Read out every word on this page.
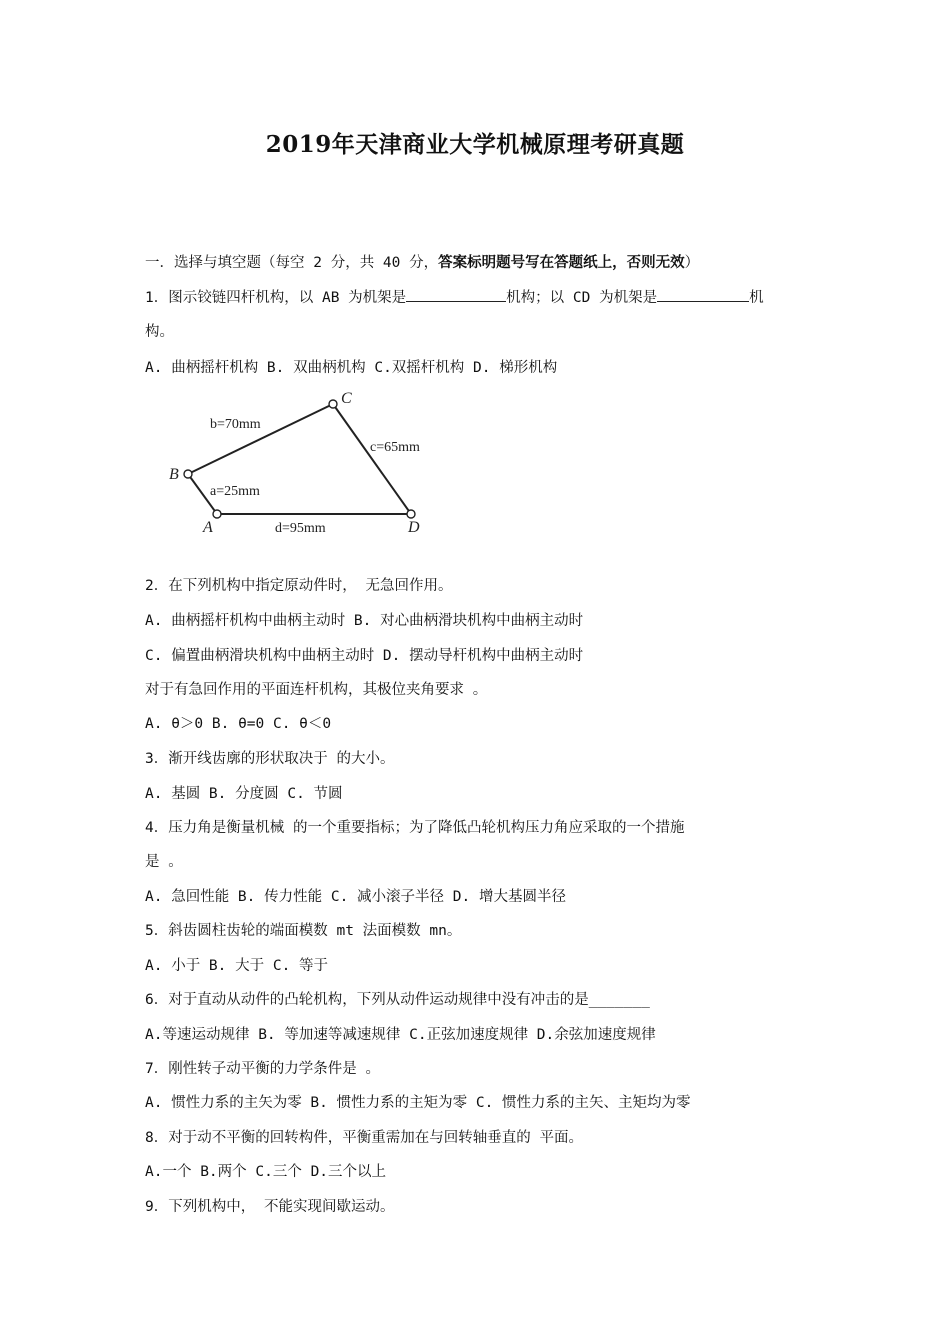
2019年天津商业大学机械原理考研真题
一．选择与填空题（每空 2 分，共 40 分，答案标明题号写在答题纸上，否则无效）
1．图示铰链四杆机构，以 AB 为机架是	机构；以 CD 为机架是	机
构。
A. 曲柄摇杆机构 B. 双曲柄机构 C.双摇杆机构 D. 梯形机构
A
B
C
D
a=25mm
b=70mm
c=65mm
d=95mm
2．在下列机构中指定原动件时， 无急回作用。
A. 曲柄摇杆机构中曲柄主动时 B. 对心曲柄滑块机构中曲柄主动时
C. 偏置曲柄滑块机构中曲柄主动时 D. 摆动导杆机构中曲柄主动时
对于有急回作用的平面连杆机构，其极位夹角要求 。
A. θ＞0 B. θ=0 C. θ＜0
3．渐开线齿廓的形状取决于 的大小。
A. 基圆 B. 分度圆 C. 节圆
4．压力角是衡量机械 的一个重要指标；为了降低凸轮机构压力角应采取的一个措施
是 。
A. 急回性能 B. 传力性能 C. 减小滚子半径 D. 增大基圆半径
5．斜齿圆柱齿轮的端面模数 mt 法面模数 mn。
A. 小于 B. 大于 C. 等于
6．对于直动从动件的凸轮机构，下列从动件运动规律中没有冲击的是_______
A.等速运动规律 B. 等加速等减速规律 C.正弦加速度规律 D.余弦加速度规律
7．刚性转子动平衡的力学条件是 。
A. 惯性力系的主矢为零 B. 惯性力系的主矩为零 C. 惯性力系的主矢、主矩均为零
8．对于动不平衡的回转构件，平衡重需加在与回转轴垂直的 平面。
A.一个 B.两个 C.三个 D.三个以上
9．下列机构中， 不能实现间歇运动。
